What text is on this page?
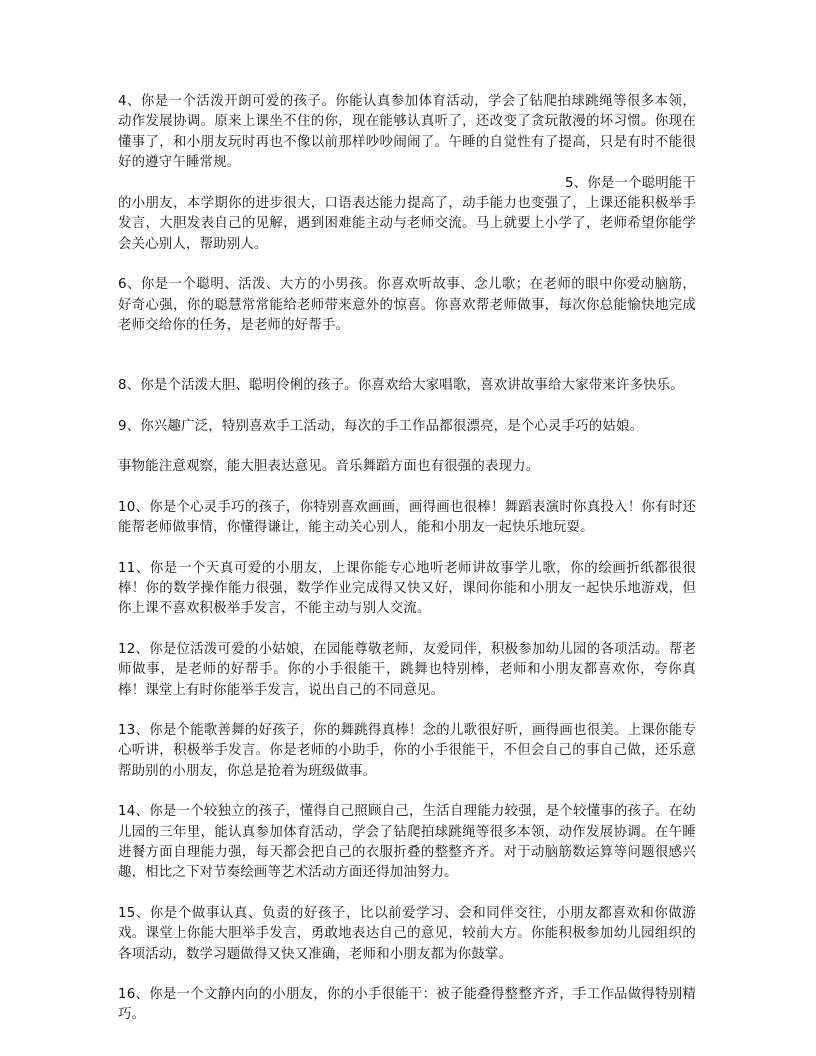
4、你是一个活泼开朗可爱的孩子。你能认真参加体育活动，学会了钻爬拍球跳绳等很多本领，动作发展协调。原来上课坐不住的你，现在能够认真听了，还改变了贪玩散漫的坏习惯。你现在懂事了，和小朋友玩时再也不像以前那样吵吵闹闹了。午睡的自觉性有了提高，只是有时不能很好的遵守午睡常规。

5、你是一个聪明能干

的小朋友，本学期你的进步很大，口语表达能力提高了，动手能力也变强了，上课还能积极举手发言，大胆发表自己的见解，遇到困难能主动与老师交流。马上就要上小学了，老师希望你能学会关心别人，帮助别人。

6、你是一个聪明、活泼、大方的小男孩。你喜欢听故事、念儿歌；在老师的眼中你爱动脑筋，好奇心强，你的聪慧常常能给老师带来意外的惊喜。你喜欢帮老师做事，每次你总能愉快地完成老师交给你的任务，是老师的好帮手。

8、你是个活泼大胆、聪明伶俐的孩子。你喜欢给大家唱歌，喜欢讲故事给大家带来许多快乐。

9、你兴趣广泛，特别喜欢手工活动，每次的手工作品都很漂亮，是个心灵手巧的姑娘。

事物能注意观察，能大胆表达意见。音乐舞蹈方面也有很强的表现力。

10、你是个心灵手巧的孩子，你特别喜欢画画，画得画也很棒！舞蹈表演时你真投入！你有时还能帮老师做事情，你懂得谦让，能主动关心别人，能和小朋友一起快乐地玩耍。

11、你是一个天真可爱的小朋友，上课你能专心地听老师讲故事学儿歌，你的绘画折纸都很很棒！你的数学操作能力很强，数学作业完成得又快又好，课间你能和小朋友一起快乐地游戏，但你上课不喜欢积极举手发言，不能主动与别人交流。

12、你是位活泼可爱的小姑娘，在园能尊敬老师，友爱同伴，积极参加幼儿园的各项活动。帮老师做事，是老师的好帮手。你的小手很能干，跳舞也特别棒，老师和小朋友都喜欢你，夸你真棒！课堂上有时你能举手发言，说出自己的不同意见。

13、你是个能歌善舞的好孩子，你的舞跳得真棒！念的儿歌很好听，画得画也很美。上课你能专心听讲，积极举手发言。你是老师的小助手，你的小手很能干，不但会自己的事自己做，还乐意帮助别的小朋友，你总是抢着为班级做事。

14、你是一个较独立的孩子，懂得自己照顾自己，生活自理能力较强，是个较懂事的孩子。在幼儿园的三年里，能认真参加体育活动，学会了钻爬拍球跳绳等很多本领，动作发展协调。在午睡进餐方面自理能力强，每天都会把自己的衣服折叠的整整齐齐。对于动脑筋数运算等问题很感兴趣，相比之下对节奏绘画等艺术活动方面还得加油努力。

15、你是个做事认真、负责的好孩子，比以前爱学习、会和同伴交往，小朋友都喜欢和你做游戏。课堂上你能大胆举手发言，勇敢地表达自己的意见，较前大方。你能积极参加幼儿园组织的各项活动，数学习题做得又快又准确，老师和小朋友都为你鼓掌。

16、你是一个文静内向的小朋友，你的小手很能干：被子能叠得整整齐齐，手工作品做得特别精巧。
